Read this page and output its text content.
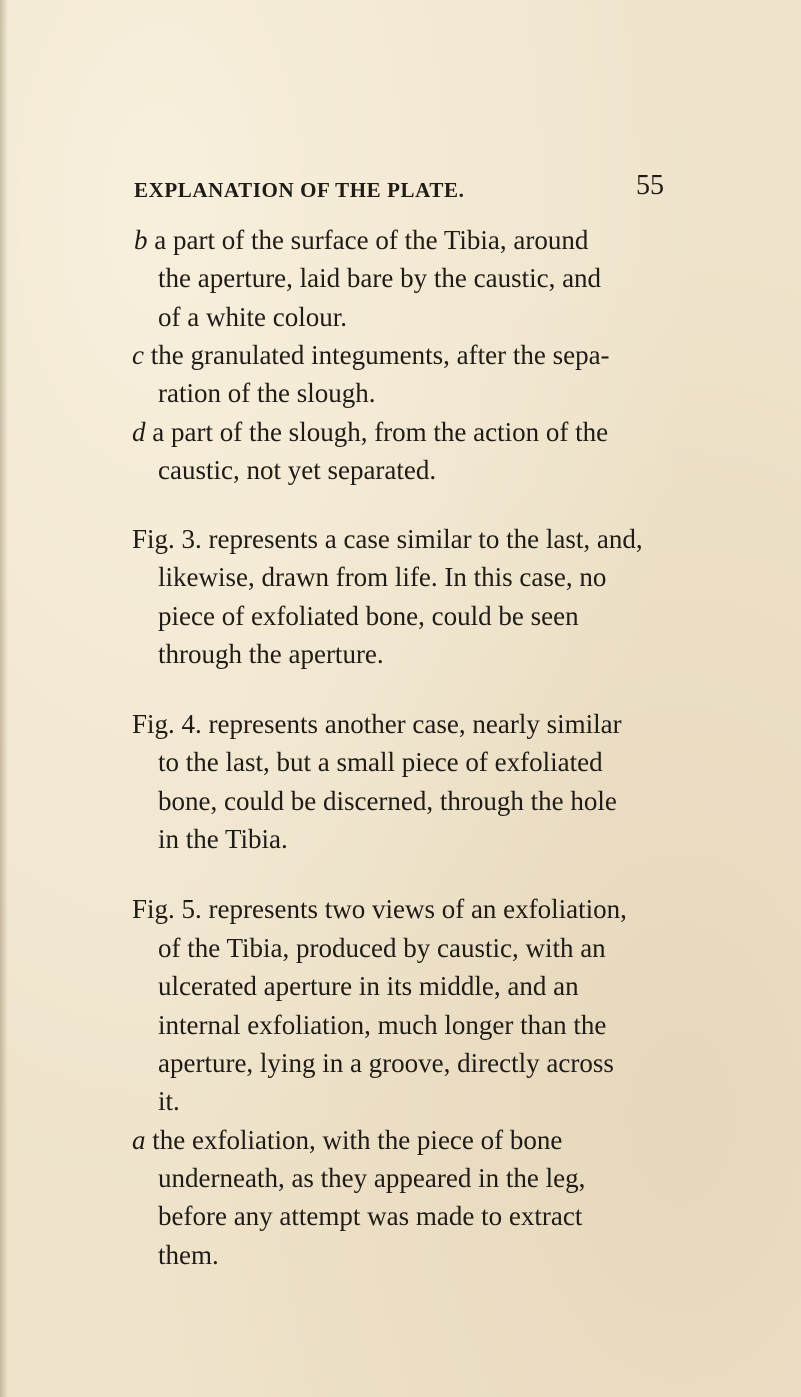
EXPLANATION OF THE PLATE.	55
b a part of the surface of the Tibia, around
the aperture, laid bare by the caustic, and
of a white colour.
c the granulated integuments, after the sepa-
ration of the slough.
d a part of the slough, from the action of the
caustic, not yet separated.
Fig. 3. represents a case similar to the last, and,
likewise, drawn from life. In this case, no
piece of exfoliated bone, could be seen
through the aperture.
Fig. 4. represents another case, nearly similar
to the last, but a small piece of exfoliated
bone, could be discerned, through the hole
in the Tibia.
Fig. 5. represents two views of an exfoliation,
of the Tibia, produced by caustic, with an
ulcerated aperture in its middle, and an
internal exfoliation, much longer than the
aperture, lying in a groove, directly across
it.
a the exfoliation, with the piece of bone
underneath, as they appeared in the leg,
before any attempt was made to extract
them.
